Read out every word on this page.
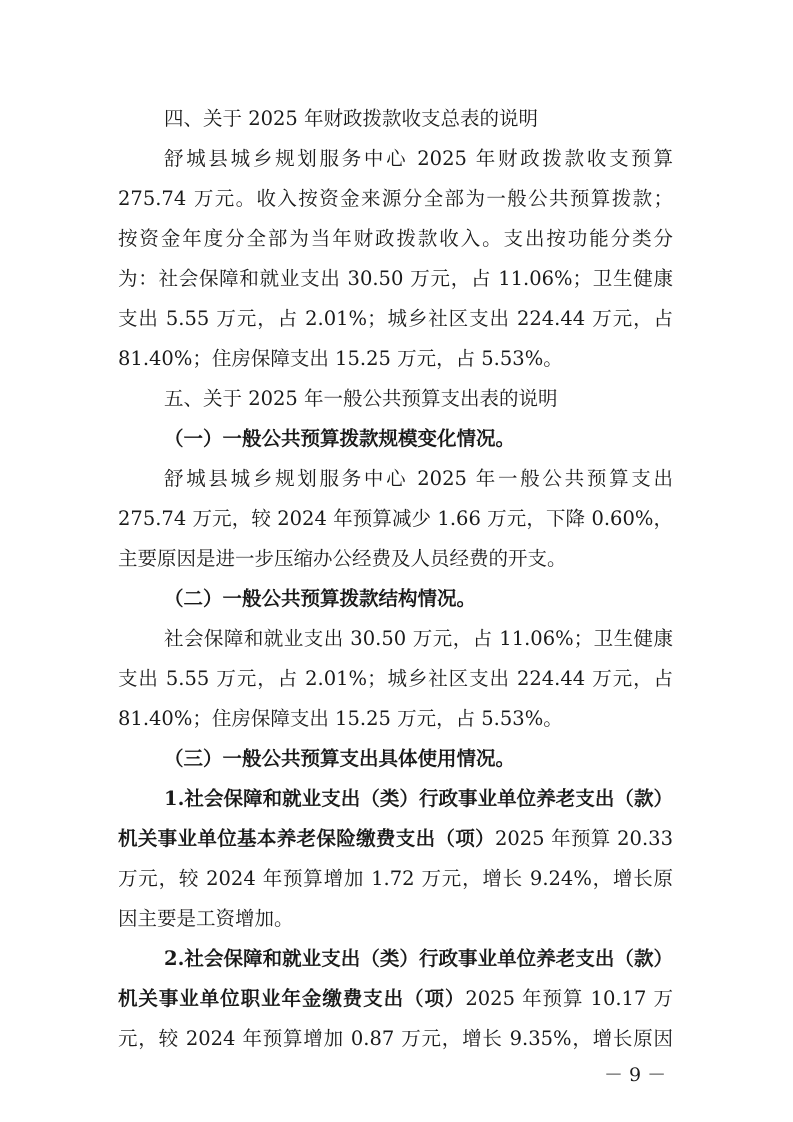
四、关于 2025 年财政拨款收支总表的说明
舒城县城乡规划服务中心 2025 年财政拨款收支预算
275.74 万元。收入按资金来源分全部为一般公共预算拨款；
按资金年度分全部为当年财政拨款收入。支出按功能分类分
为：社会保障和就业支出 30.50 万元，占 11.06%；卫生健康
支出 5.55 万元，占 2.01%；城乡社区支出 224.44 万元，占
81.40%；住房保障支出 15.25 万元，占 5.53%。
五、关于 2025 年一般公共预算支出表的说明
（一）一般公共预算拨款规模变化情况。
舒城县城乡规划服务中心 2025 年一般公共预算支出
275.74 万元，较 2024 年预算减少 1.66 万元，下降 0.60%，
主要原因是进一步压缩办公经费及人员经费的开支。
（二）一般公共预算拨款结构情况。
社会保障和就业支出 30.50 万元，占 11.06%；卫生健康
支出 5.55 万元，占 2.01%；城乡社区支出 224.44 万元，占
81.40%；住房保障支出 15.25 万元，占 5.53%。
（三）一般公共预算支出具体使用情况。
1.社会保障和就业支出（类）行政事业单位养老支出（款）
机关事业单位基本养老保险缴费支出（项）2025 年预算 20.33
万元，较 2024 年预算增加 1.72 万元，增长 9.24%，增长原
因主要是工资增加。
2.社会保障和就业支出（类）行政事业单位养老支出（款）
机关事业单位职业年金缴费支出（项）2025 年预算 10.17 万
元，较 2024 年预算增加 0.87 万元，增长 9.35%，增长原因
－ 9 －
